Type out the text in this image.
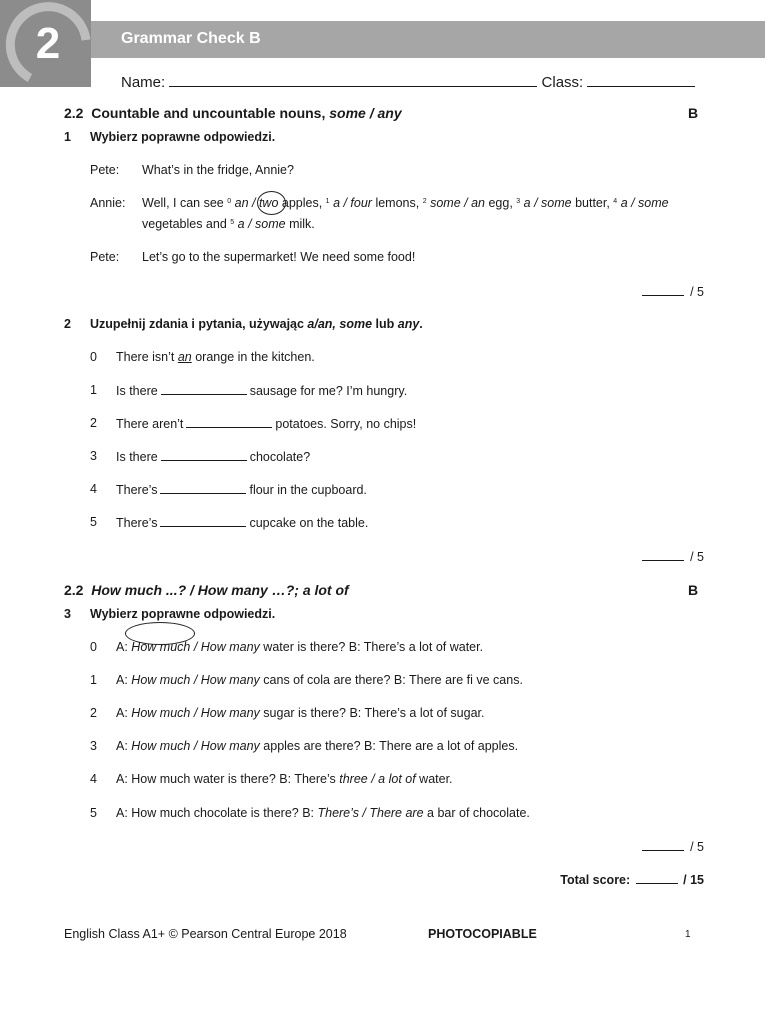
2	Grammar Check B
Name:	Class:
2.2 Countable and uncountable nouns, some / any	B
1 Wybierz poprawne odpowiedzi.
Pete: What’s in the fridge, Annie?
Annie: Well, I can see $^0$ an / two apples, $^1$ a / four lemons, $^2$ some / an egg, $^3$ a / some butter, $^4$ a / some
vegetables and $^5$ a / some milk.
Pete: Let’s go to the supermarket! We need some food!
/ 5
2 Uzupełnij zdania i pytania, używając a/an, some lub any.
0 There isn’t an orange in the kitchen.
1 Is there	sausage for me? I’m hungry.
2 There aren’t	potatoes. Sorry, no chips!
3 Is there	chocolate?
4 There’s	flour in the cupboard.
5 There’s	cupcake on the table.
/ 5
2.2 How much ...? / How many …?; a lot of	B
3 Wybierz poprawne odpowiedzi.
0 A: How much / How many water is there? B: There’s a lot of water.
1 A: How much / How many cans of cola are there? B: There are fi ve cans.
2 A: How much / How many sugar is there? B: There’s a lot of sugar.
3 A: How much / How many apples are there? B: There are a lot of apples.
4 A: How much water is there? B: There’s three / a lot of water.
5 A: How much chocolate is there? B: There’s / There are a bar of chocolate.
/ 5
Total score:	/ 15
English Class A1+ © Pearson Central Europe 2018	PHOTOCOPIABLE	1
